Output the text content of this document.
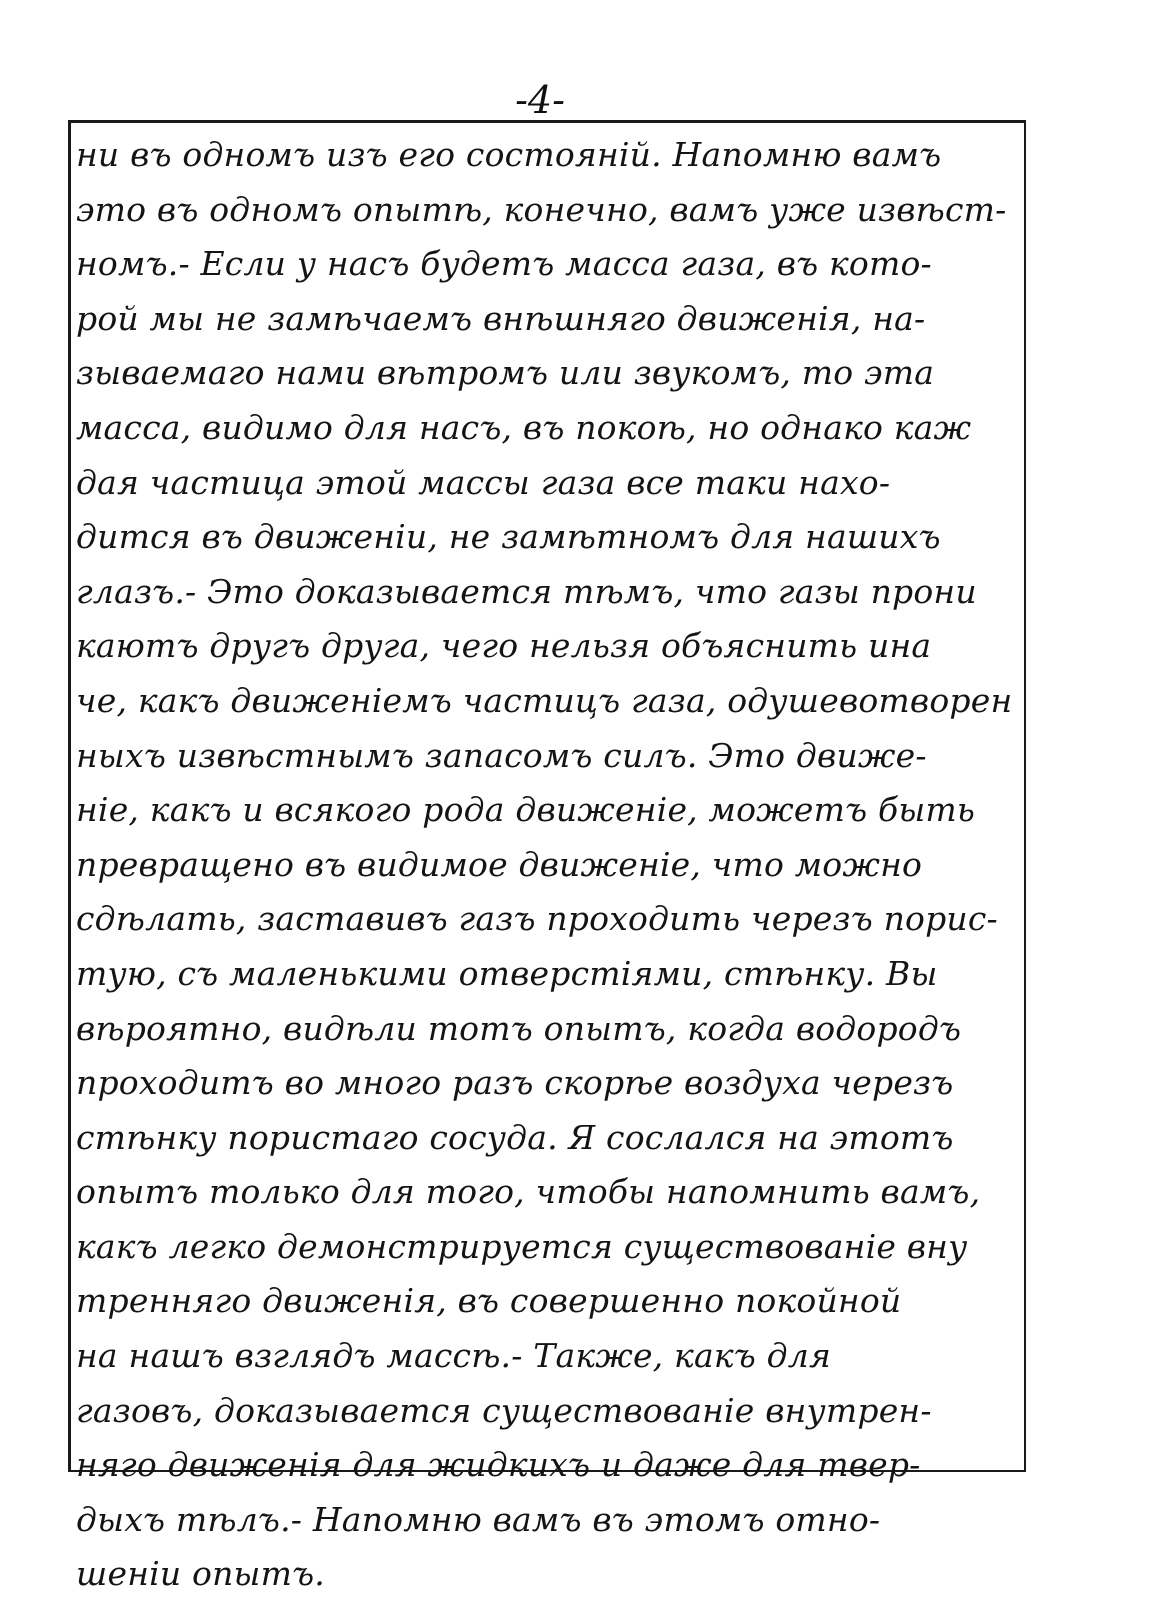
-4-
ни въ одномъ изъ его состояній. Напомню вамъ
это въ одномъ опытѣ, конечно, вамъ уже извѣст-
номъ.- Если у насъ будетъ масса газа, въ кото-
рой мы не замѣчаемъ внѣшняго движенія, на-
зываемаго нами вѣтромъ или звукомъ, то эта
масса, видимо для насъ, въ покоѣ, но однако каж
дая частица этой массы газа все таки нахо-
дится въ движеніи, не замѣтномъ для нашихъ
глазъ.- Это доказывается тѣмъ, что газы прони
каютъ другъ друга, чего нельзя объяснить ина
че, какъ движеніемъ частицъ газа, одушевотворен
ныхъ извѣстнымъ запасомъ силъ. Это движе-
ніе, какъ и всякого рода движеніе, можетъ быть
превращено въ видимое движеніе, что можно
сдѣлать, заставивъ газъ проходить черезъ порис-
тую, съ маленькими отверстіями, стѣнку. Вы
вѣроятно, видѣли тотъ опытъ, когда водородъ
проходитъ во много разъ скорѣе воздуха черезъ
стѣнку пористаго сосуда. Я сослался на этотъ
опытъ только для того, чтобы напомнить вамъ,
какъ легко демонстрируется существованіе вну
тренняго движенія, въ совершенно покойной
на нашъ взглядъ массѣ.- Также, какъ для
газовъ, доказывается существованіе внутрен-
няго движенія для жидкихъ и даже для твер-
дыхъ тѣлъ.- Напомню вамъ въ этомъ отно-
шеніи опытъ.
